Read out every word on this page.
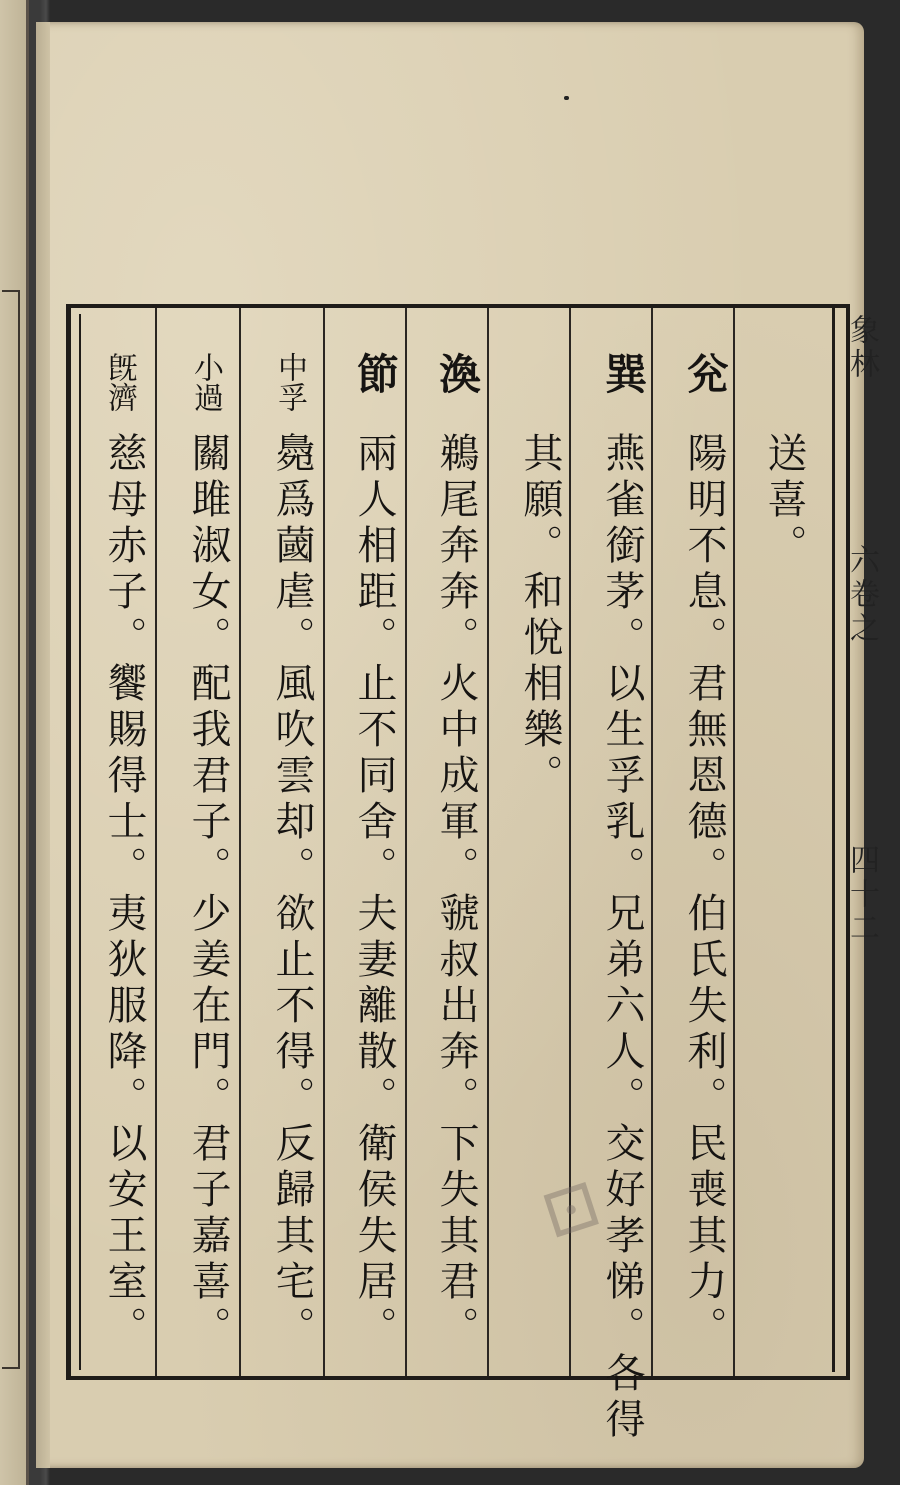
象林
六卷之
四十二
送喜。
兊
陽明不息。君無恩德。伯氏失利。民喪其力。
巽
燕雀銜茅。以生孚乳。兄弟六人。交好孝悌。各得
其願。和悅相樂。
渙
鵜尾奔奔。火中成軍。虢叔出奔。下失其君。
節
兩人相距。止不同舍。夫妻離散。衛侯失居。
中孚
䳃爲蔮虐。風吹雲却。欲止不得。反歸其宅。
小過
關雎淑女。配我君子。少姜在門。君子嘉喜。
旣濟
慈母赤子。饗賜得士。夷狄服降。以安王室。	⊡
